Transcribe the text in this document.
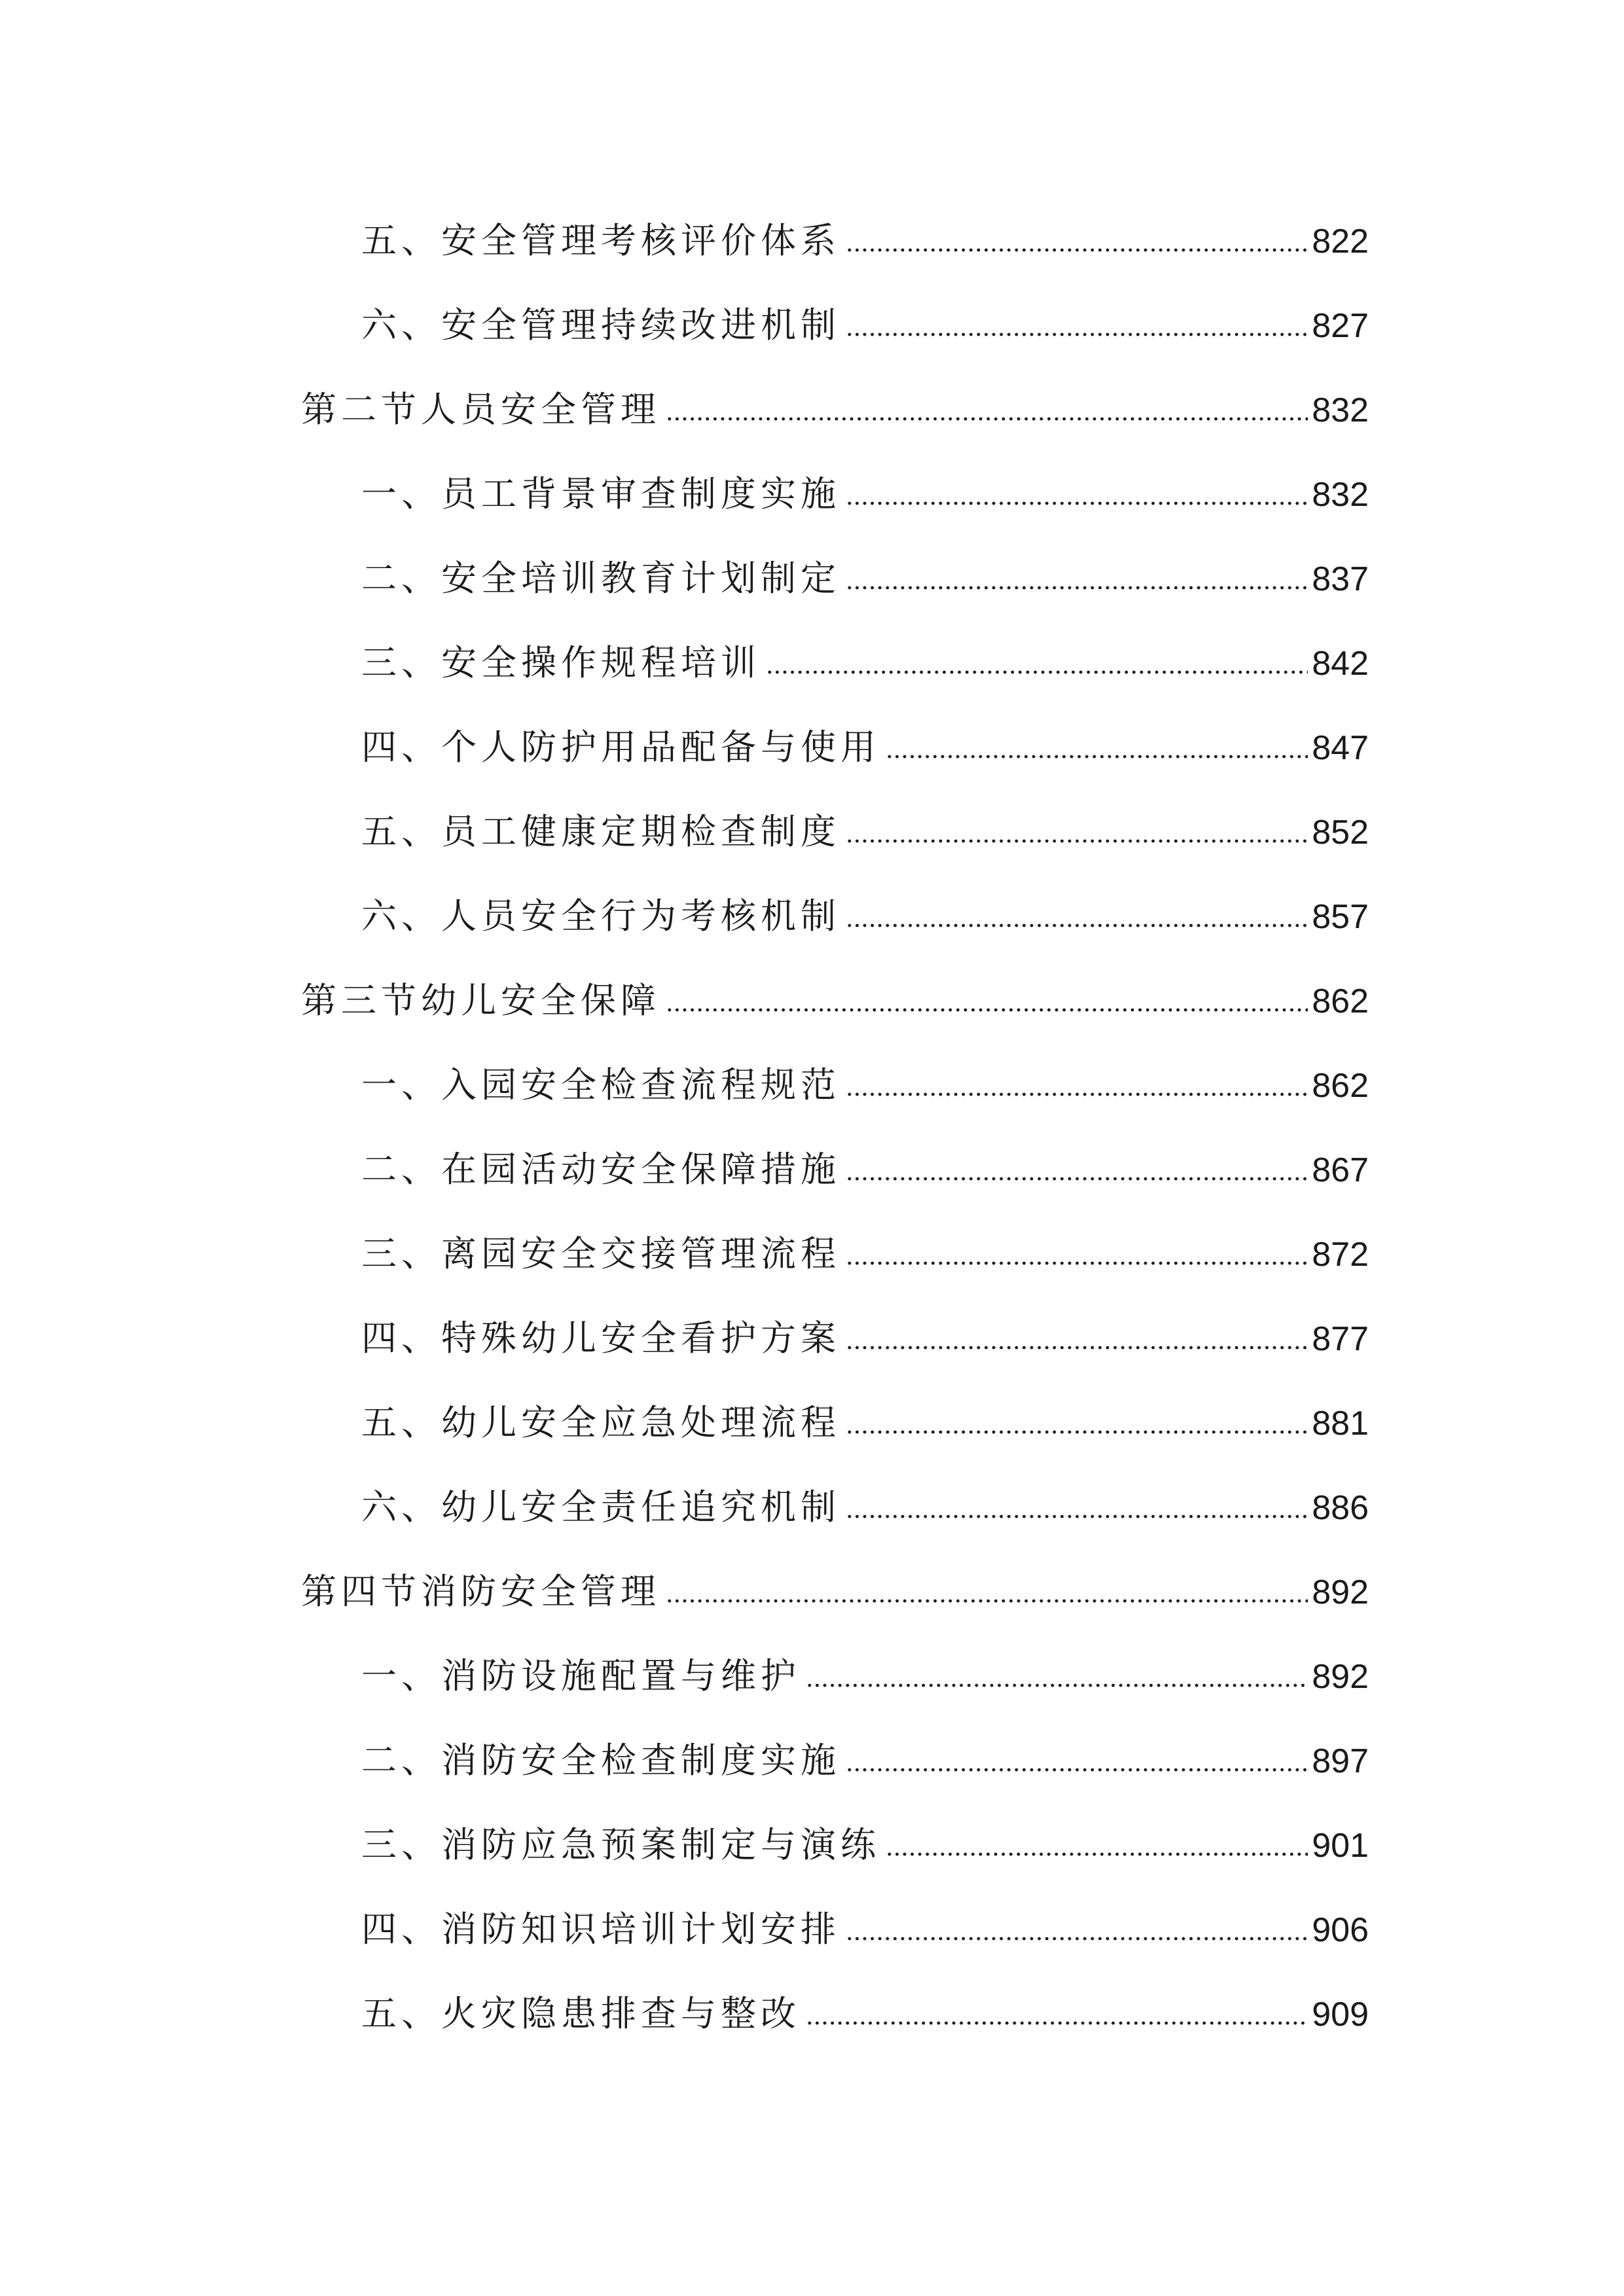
五、安全管理考核评价体系	822
六、安全管理持续改进机制	827
第二节人员安全管理	832
一、员工背景审查制度实施	832
二、安全培训教育计划制定	837
三、安全操作规程培训	842
四、个人防护用品配备与使用	847
五、员工健康定期检查制度	852
六、人员安全行为考核机制	857
第三节幼儿安全保障	862
一、入园安全检查流程规范	862
二、在园活动安全保障措施	867
三、离园安全交接管理流程	872
四、特殊幼儿安全看护方案	877
五、幼儿安全应急处理流程	881
六、幼儿安全责任追究机制	886
第四节消防安全管理	892
一、消防设施配置与维护	892
二、消防安全检查制度实施	897
三、消防应急预案制定与演练	901
四、消防知识培训计划安排	906
五、火灾隐患排查与整改	909
